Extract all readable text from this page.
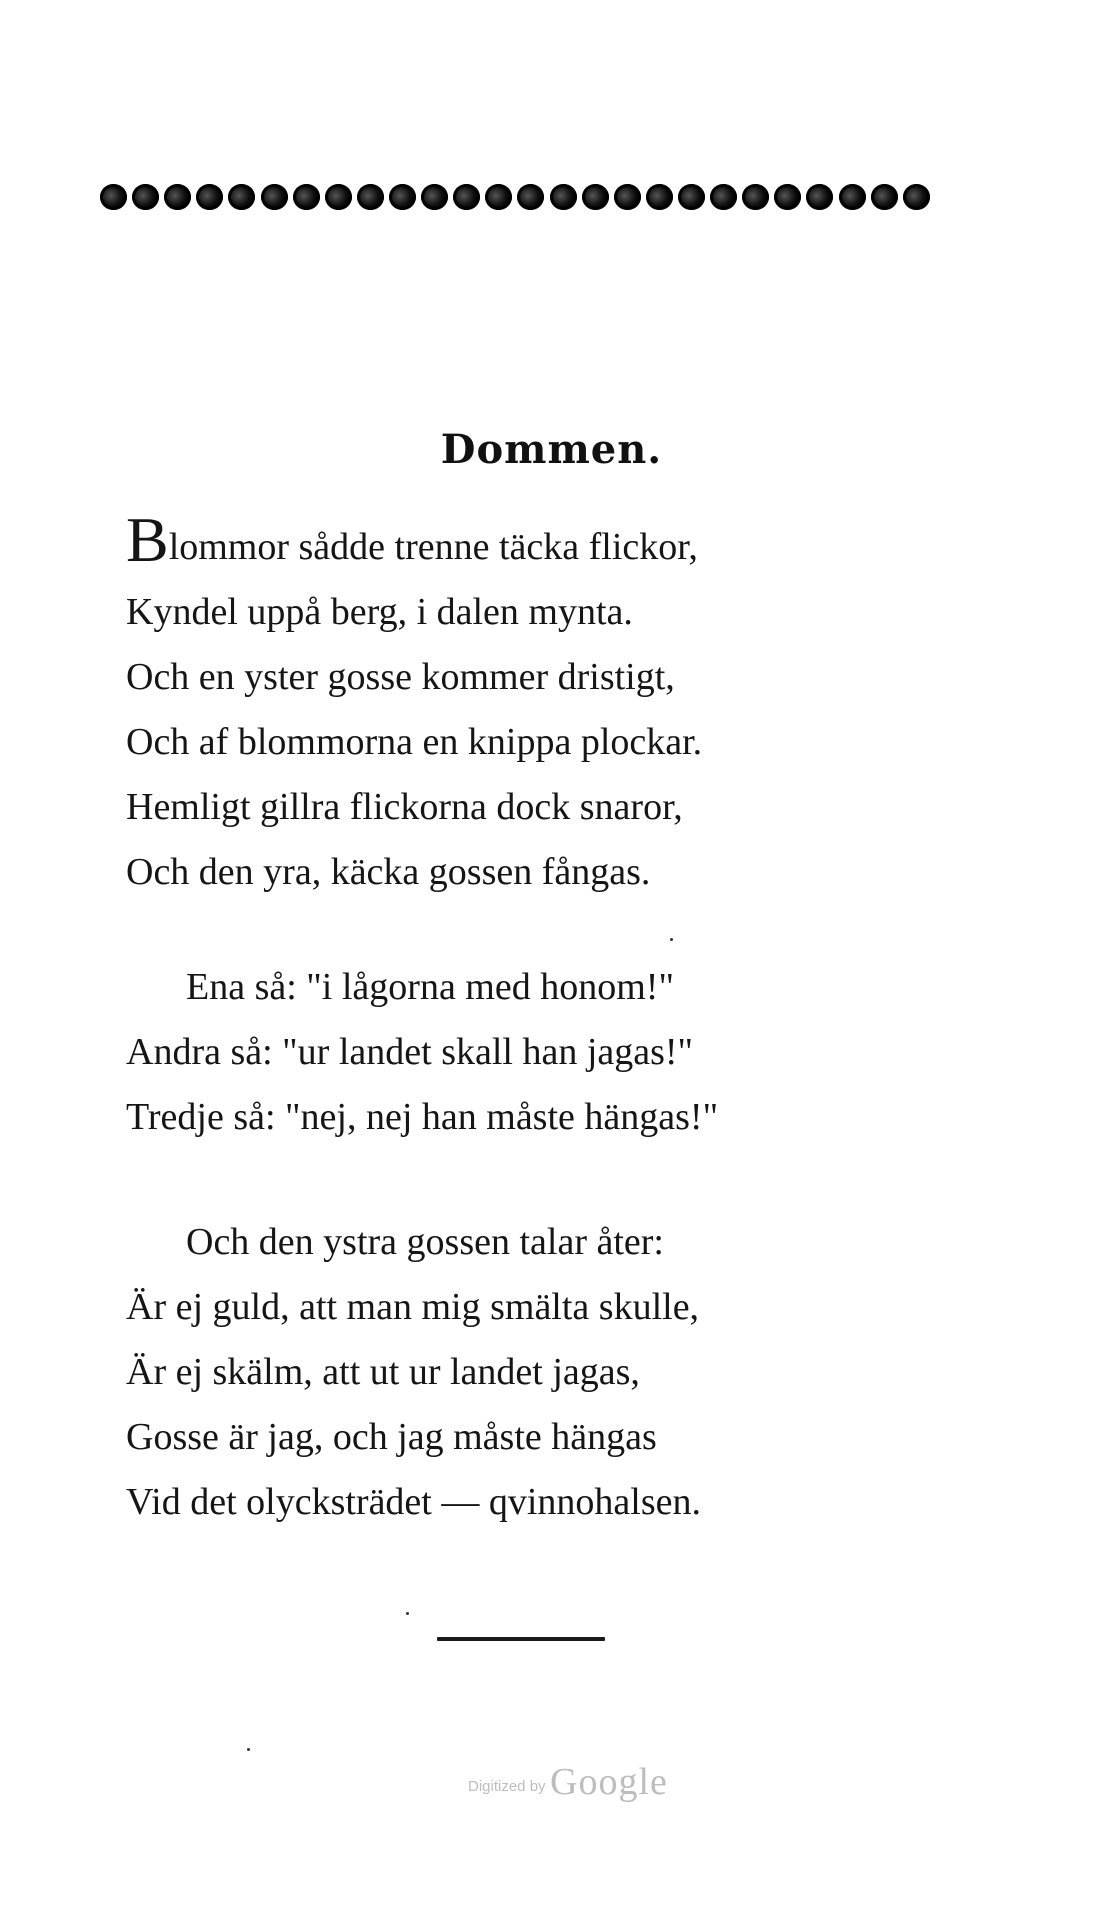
Dommen.
Blommor sådde trenne täcka flickor,
Kyndel uppå berg, i dalen mynta.
Och en yster gosse kommer dristigt,
Och af blommorna en knippa plockar.
Hemligt gillra flickorna dock snaror,
Och den yra, käcka gossen fångas.
Ena så: "i lågorna med honom!"
Andra så: "ur landet skall han jagas!"
Tredje så: "nej, nej han måste hängas!"
Och den ystra gossen talar åter:
Är ej guld, att man mig smälta skulle,
Är ej skälm, att ut ur landet jagas,
Gosse är jag, och jag måste hängas
Vid det olycksträdet — qvinnohalsen.
Digitized by Google
